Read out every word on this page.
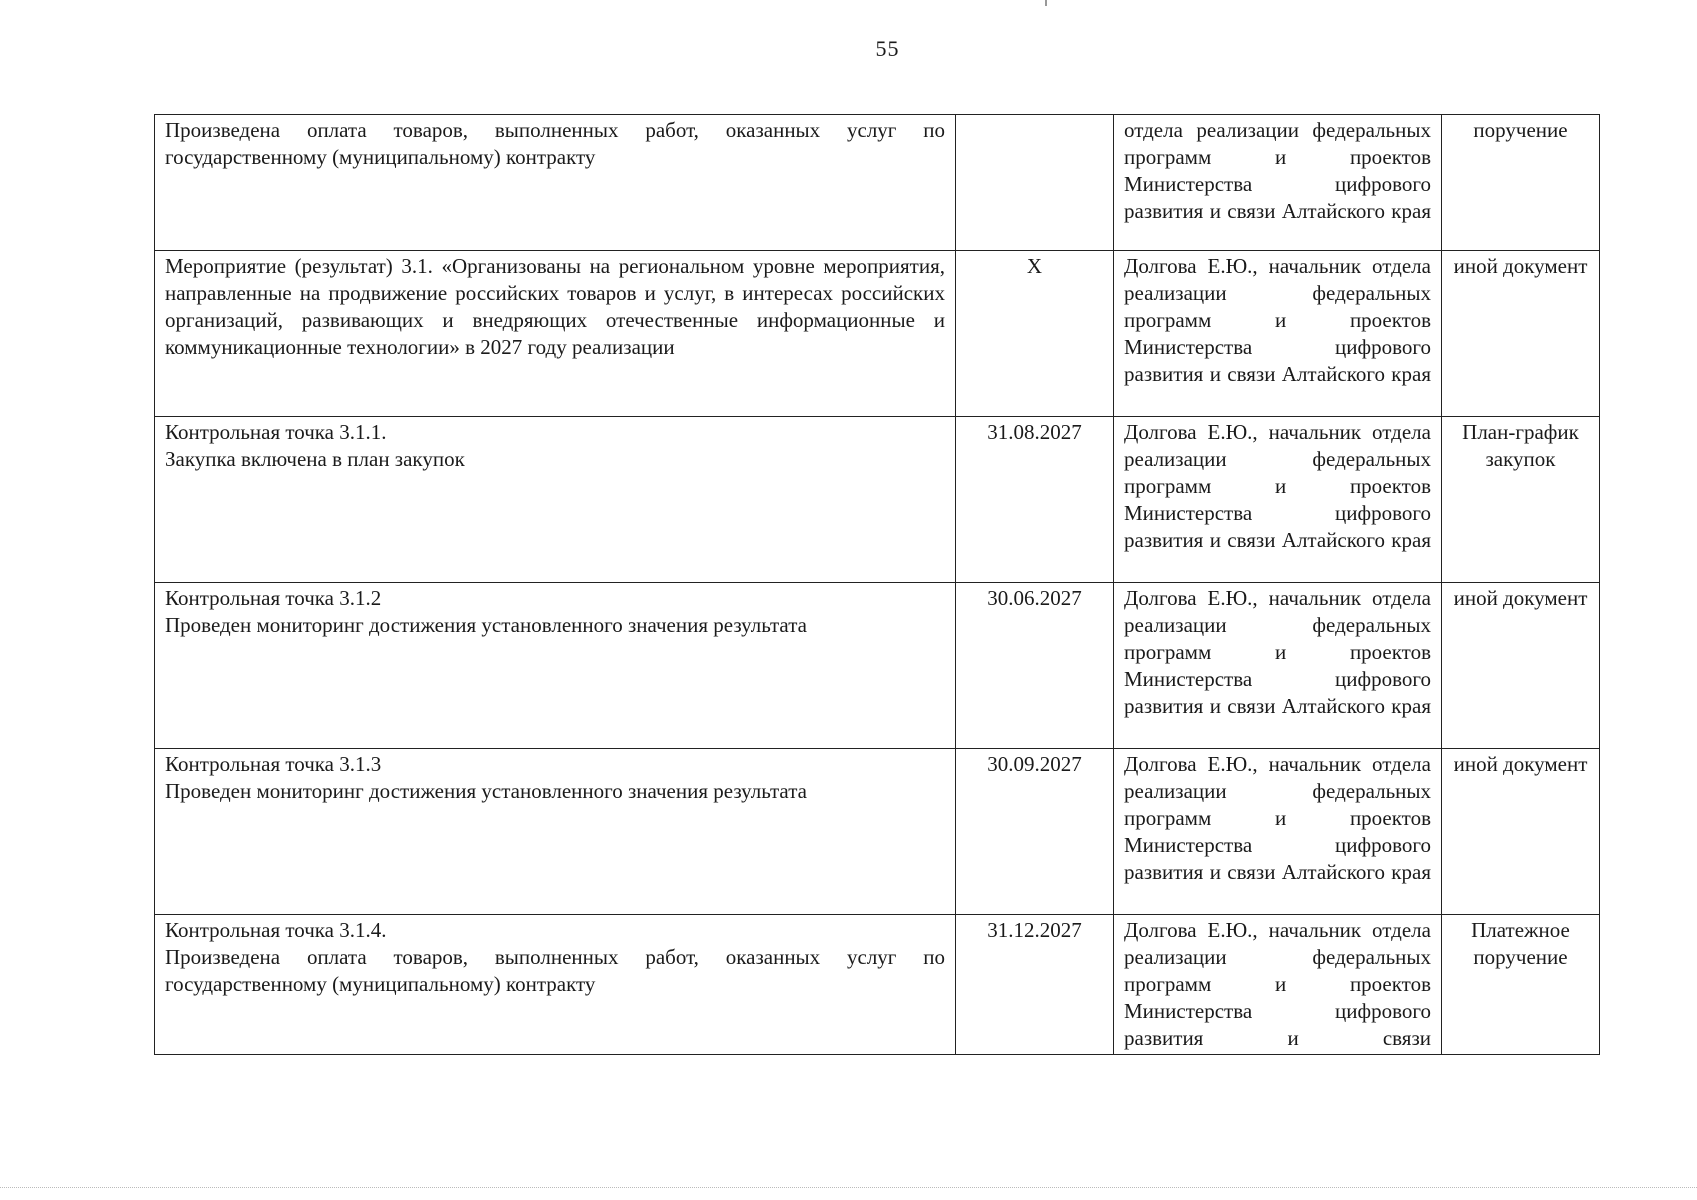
55
Произведена оплата товаров, выполненных работ, оказанных услуг по государственному (муниципальному) контракту		отдела реализации федеральных программ и проектов Министерства цифрового развития и связи Алтайского края	поручение
Мероприятие (результат) 3.1. «Организованы на региональном уровне мероприятия, направленные на продвижение российских товаров и услуг, в интересах российских организаций, развивающих и внедряющих отечественные информационные и коммуникационные технологии» в 2027 году реализации	X	Долгова Е.Ю., начальник отдела реализации федеральных программ и проектов Министерства цифрового развития и связи Алтайского края	иной документ

Контрольная точка 3.1.1.
Закупка включена в план закупок	31.08.2027	Долгова Е.Ю., начальник отдела реализации федеральных программ и проектов Министерства цифрового развития и связи Алтайского края	План-график закупок

Контрольная точка 3.1.2
Проведен мониторинг достижения установленного значения результата	30.06.2027	Долгова Е.Ю., начальник отдела реализации федеральных программ и проектов Министерства цифрового развития и связи Алтайского края	иной документ

Контрольная точка 3.1.3
Проведен мониторинг достижения установленного значения результата	30.09.2027	Долгова Е.Ю., начальник отдела реализации федеральных программ и проектов Министерства цифрового развития и связи Алтайского края	иной документ

Контрольная точка 3.1.4.
Произведена оплата товаров, выполненных работ, оказанных услуг по государственному (муниципальному) контракту	31.12.2027	Долгова Е.Ю., начальник отдела реализации федеральных программ и проектов Министерства цифрового развития и связи	Платежное поручение
